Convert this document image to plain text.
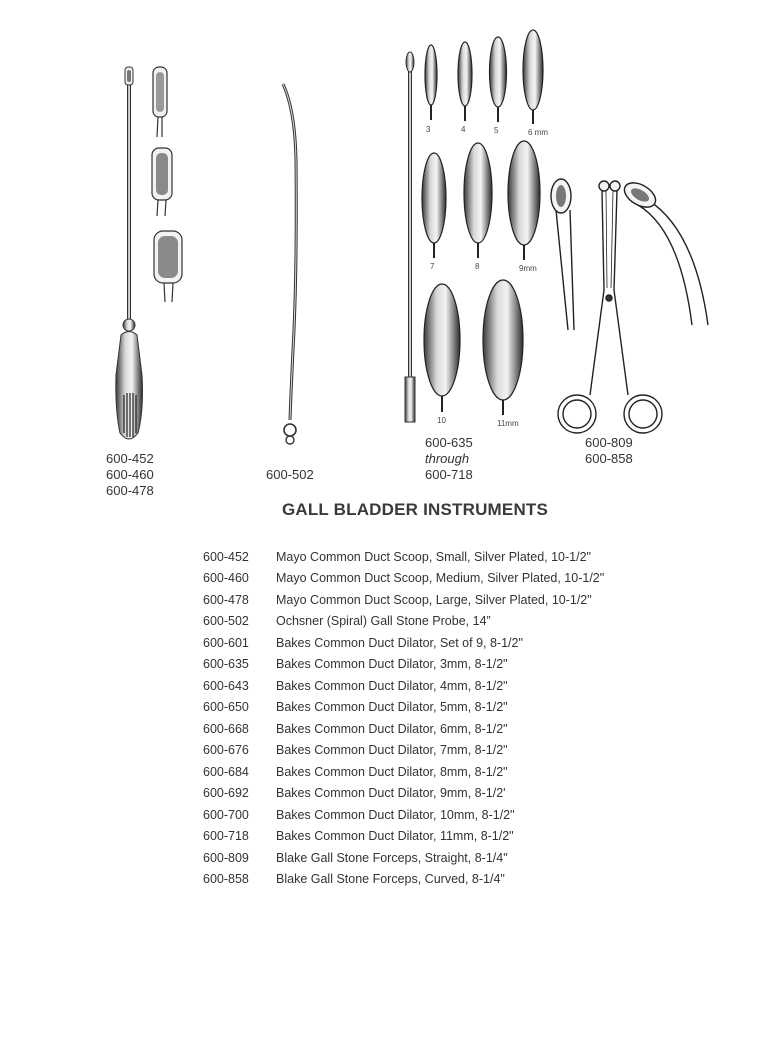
3	4	5	6 mm
7	8	9mm
10	11mm
600-452
600-460
600-478
600-502
600-635
through
600-718
600-809
600-858
GALL BLADDER INSTRUMENTS
600-452	Mayo Common Duct Scoop, Small, Silver Plated, 10-1/2"
600-460	Mayo Common Duct Scoop, Medium, Silver Plated, 10-1/2"
600-478	Mayo Common Duct Scoop, Large, Silver Plated, 10-1/2"
600-502	Ochsner (Spiral) Gall Stone Probe, 14”
600-601	Bakes Common Duct Dilator, Set of 9, 8-1/2"
600-635	Bakes Common Duct Dilator, 3mm, 8-1/2"
600-643	Bakes Common Duct Dilator, 4mm, 8-1/2"
600-650	Bakes Common Duct Dilator, 5mm, 8-1/2"
600-668	Bakes Common Duct Dilator, 6mm, 8-1/2"
600-676	Bakes Common Duct Dilator, 7mm, 8-1/2"
600-684	Bakes Common Duct Dilator, 8mm, 8-1/2"
600-692	Bakes Common Duct Dilator, 9mm, 8-1/2'
600-700	Bakes Common Duct Dilator, 10mm, 8-1/2"
600-718	Bakes Common Duct Dilator, 11mm, 8-1/2"
600-809	Blake Gall Stone Forceps, Straight, 8-1/4"
600-858	Blake Gall Stone Forceps, Curved, 8-1/4"
